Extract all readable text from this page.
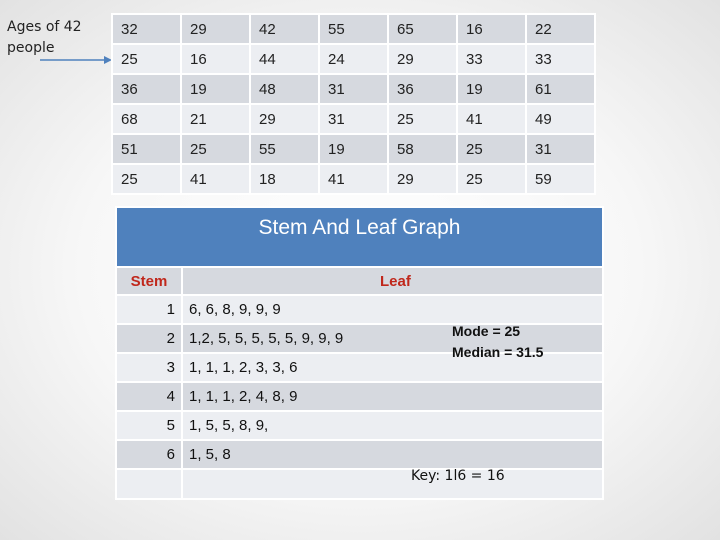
Ages of 42 people
32	29	42	55	65	16	22
25	16	44	24	29	33	33
36	19	48	31	36	19	61
68	21	29	31	25	41	49
51	25	55	19	58	25	31
25	41	18	41	29	25	59
Stem And Leaf Graph	
Stem	Leaf
1	6, 6, 8, 9, 9, 9
2	1,2, 5, 5, 5, 5, 5, 9, 9, 9
3	1, 1, 1, 2, 3, 3, 6
4	1, 1, 1, 2, 4, 8, 9
5	1, 5, 5, 8, 9,
6	1, 5, 8

Mode = 25
Median = 31.5
Key: 1l6 = 16
